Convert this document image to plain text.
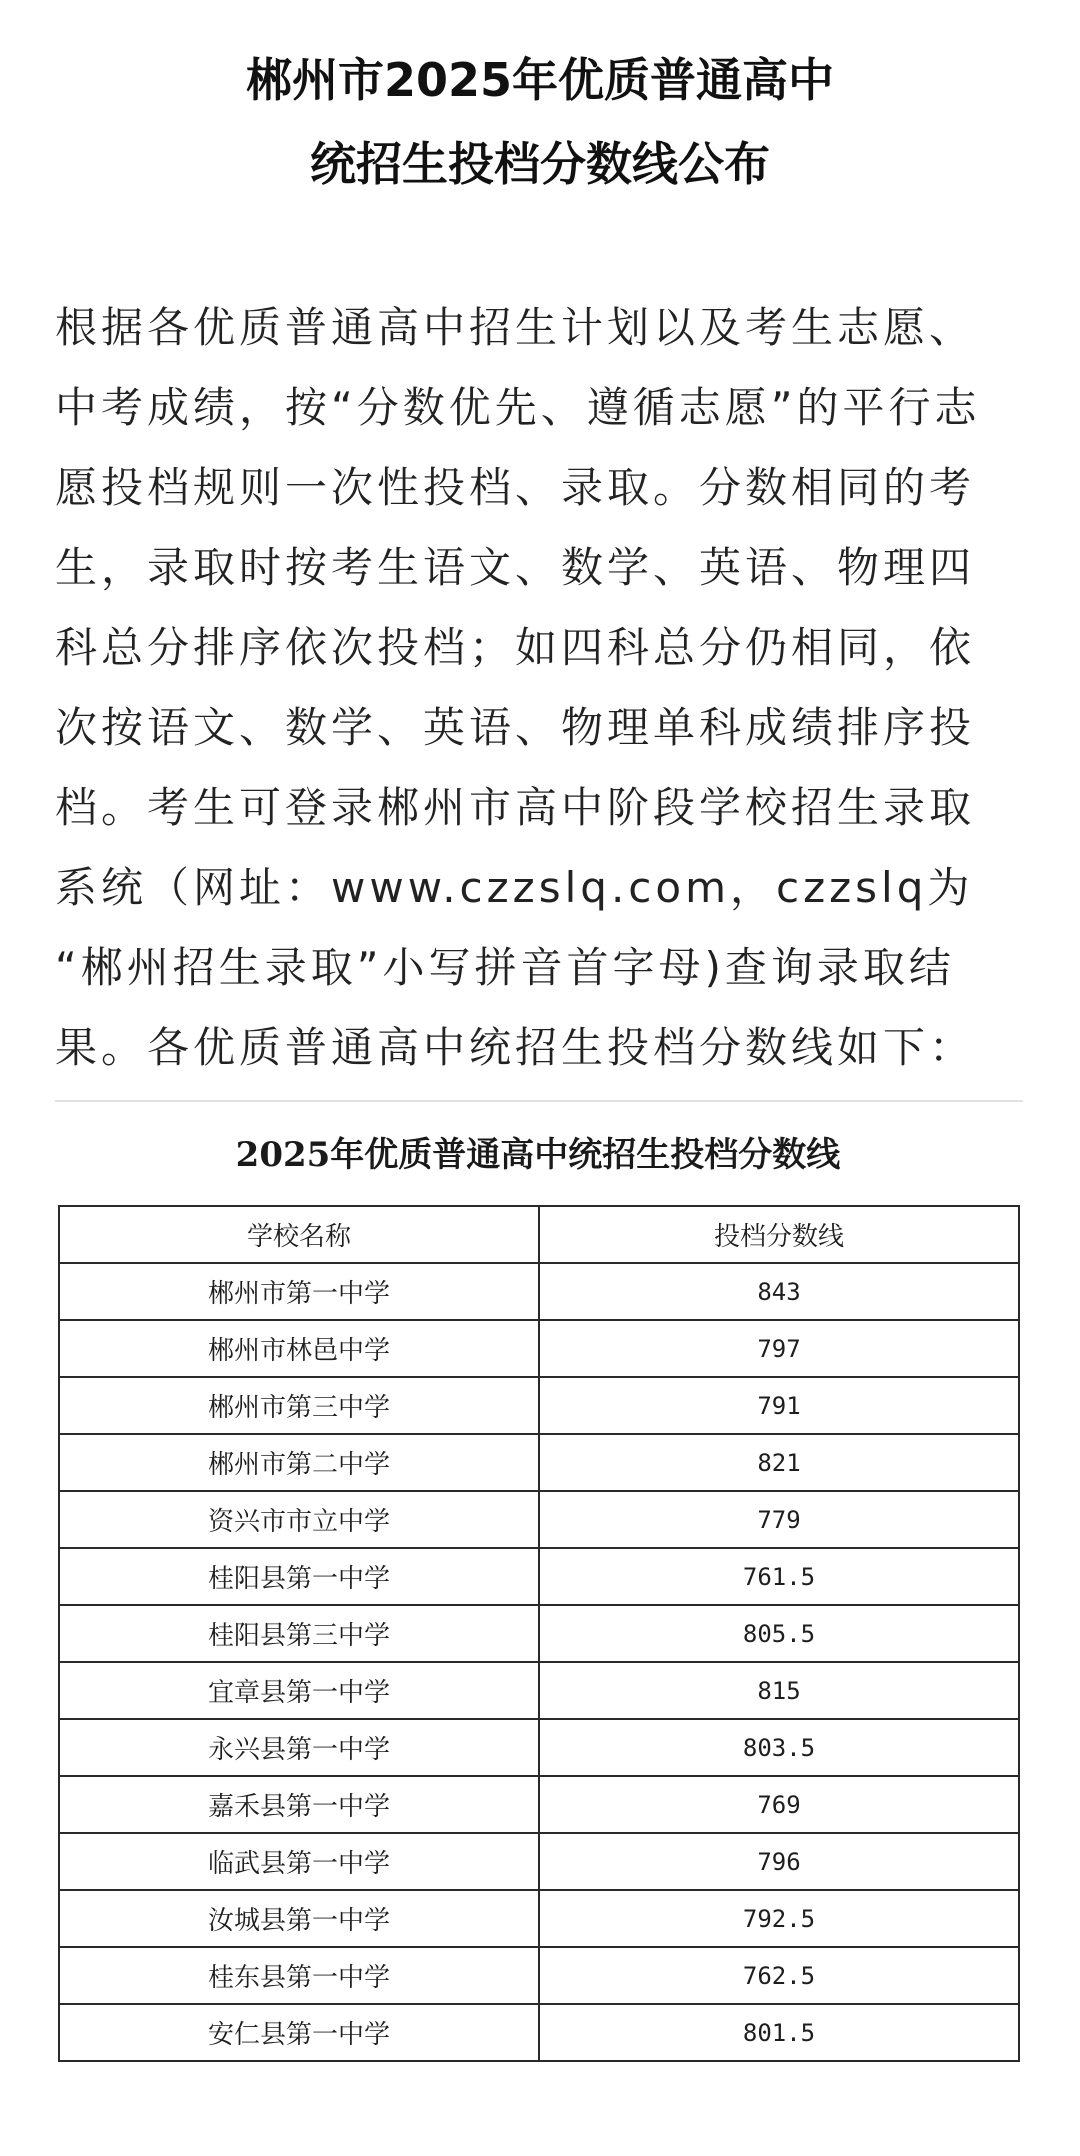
郴州市2025年优质普通高中
统招生投档分数线公布
根据各优质普通高中招生计划以及考生志愿、
中考成绩，按“分数优先、遵循志愿”的平行志
愿投档规则一次性投档、录取。分数相同的考
生，录取时按考生语文、数学、英语、物理四
科总分排序依次投档；如四科总分仍相同，依
次按语文、数学、英语、物理单科成绩排序投
档。考生可登录郴州市高中阶段学校招生录取
系统（网址：www.czzslq.com，czzslq为
“郴州招生录取”小写拼音首字母)查询录取结
果。各优质普通高中统招生投档分数线如下：
2025年优质普通高中统招生投档分数线
学校名称	投档分数线
郴州市第一中学	843
郴州市林邑中学	797
郴州市第三中学	791
郴州市第二中学	821
资兴市市立中学	779
桂阳县第一中学	761.5
桂阳县第三中学	805.5
宜章县第一中学	815
永兴县第一中学	803.5
嘉禾县第一中学	769
临武县第一中学	796
汝城县第一中学	792.5
桂东县第一中学	762.5
安仁县第一中学	801.5
